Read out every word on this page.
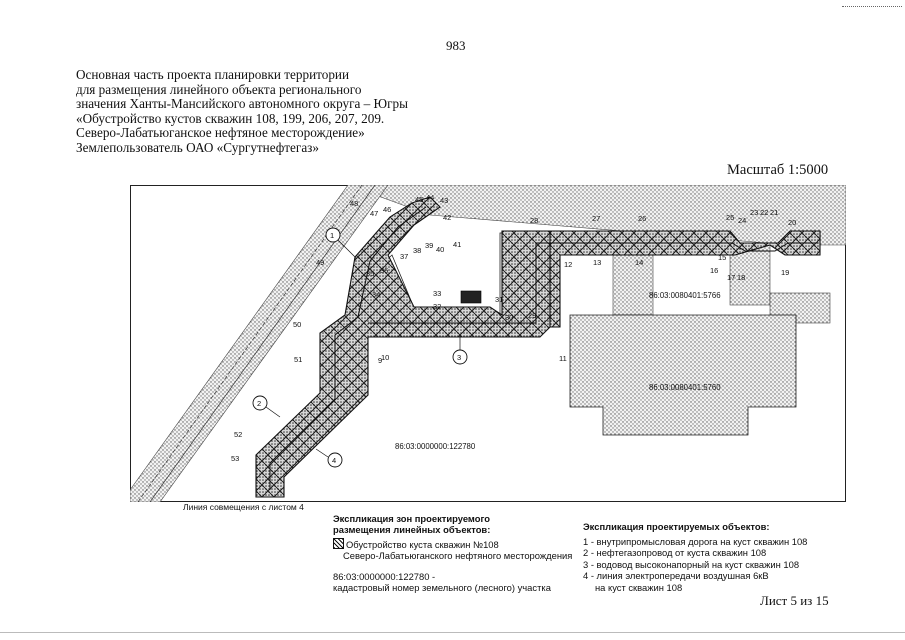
983
Основная часть проекта планировки территории
для размещения линейного объекта регионального
значения Ханты-Мансийского автономного округа – Югры
«Обустройство кустов скважин 108, 199, 206, 207, 209.
Северо-Лабатьюганское нефтяное месторождение»
Землепользователь ОАО «Сургутнефтегаз»
Масштаб 1:5000
86:03:0080401:5766
86:03:0080401:5760
86:03:0000000:122780
9
10	11
12	13	14
15
16
17 18
19
20
21
22
23
24
25
26
27
28
29
30
31
32
33
34
35 36
37
38
39 40
41
42
43
44
45
46
47
48
49
50
51
52
53
1
2
3
4
Линия совмещения с листом 4
Экспликация зон проектируемого
размещения линейных объектов:
Обустройство куста скважин №108
Северо-Лабатьюганского нефтяного месторождения
86:03:0000000:122780 -
кадастровый номер земельного (лесного) участка
Экспликация проектируемых объектов:
1 - внутрипромысловая дорога на куст скважин 108
2 - нефтегазопровод от куста скважин 108
3 - водовод высоконапорный на куст скважин 108
4 - линия электропередачи воздушная 6кВ
на куст скважин 108
Лист 5 из 15
